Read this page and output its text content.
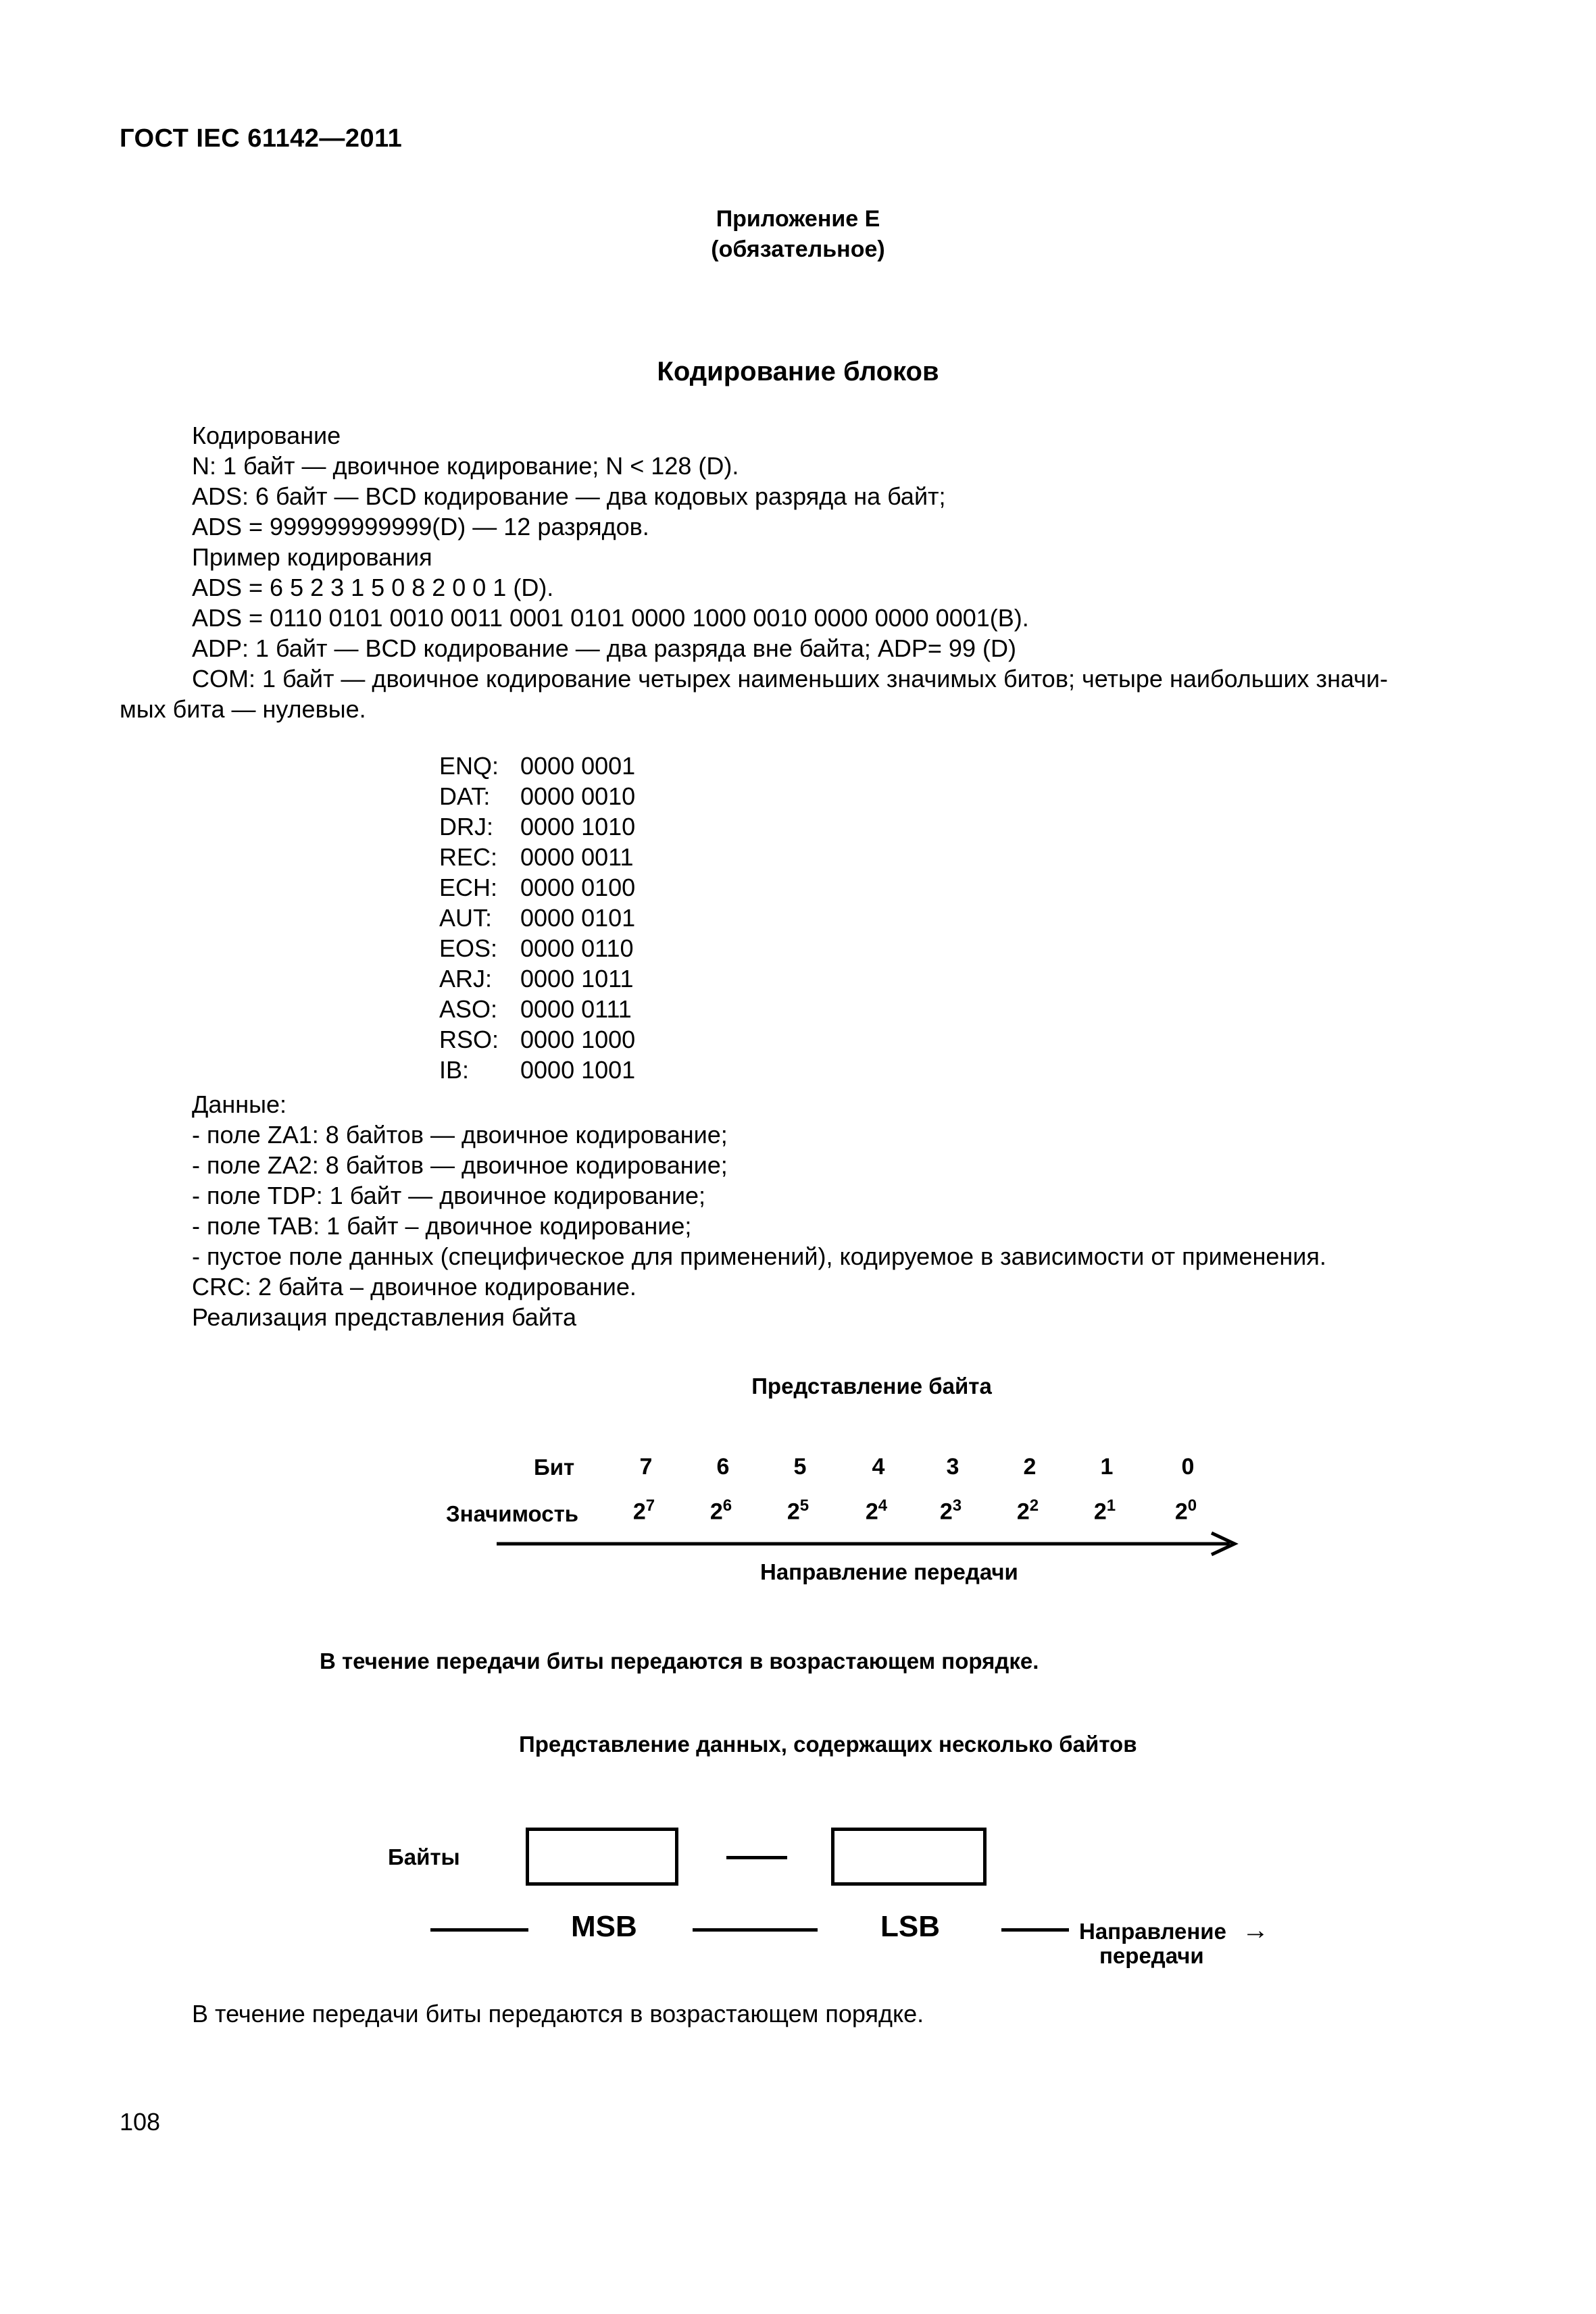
ГОСТ IEC 61142—2011
Приложение Е
(обязательное)
Кодирование блоков
Кодирование
N: 1 байт — двоичное кодирование; N < 128 (D).
ADS: 6 байт — BCD кодирование — два кодовых разряда на байт;
ADS = 999999999999(D) — 12 разрядов.
Пример кодирования
ADS = 6 5 2 3 1 5 0 8 2 0 0 1 (D).
ADS = 0110 0101 0010 0011 0001 0101 0000 1000 0010 0000 0000 0001(B).
ADP: 1 байт — BCD кодирование — два разряда вне байта; ADP= 99 (D)
COM: 1 байт — двоичное кодирование четырех наименьших значимых битов; четыре наибольших значи-
мых бита — нулевые.
ENQ: 0000 0001
DAT:	0000 0010
DRJ:	0000 1010
REC: 0000 0011
ECH: 0000 0100
AUT:	0000 0101
EOS: 0000 0110
ARJ:	0000 1011
ASO: 0000 0111
RSO: 0000 1000
IB:	0000 1001
Данные:
- поле ZA1: 8 байтов — двоичное кодирование;
- поле ZA2: 8 байтов — двоичное кодирование;
- поле TDP: 1 байт — двоичное кодирование;
- поле TAB: 1 байт – двоичное кодирование;
- пустое поле данных (специфическое для применений), кодируемое в зависимости от применения.
CRC: 2 байта – двоичное кодирование.
Реализация представления байта
Представление байта
Бит
Значимость
7	6	5	4	3	2	1	0
$2^7$	$2^6$	$2^5$	$2^4$	$2^3$	$2^2$	$2^1$	$2^0$
Направление передачи
В течение передачи биты передаются в возрастающем порядке.
Представление данных, содержащих несколько байтов
Байты
MSB	LSB	Направление →
передачи
В течение передачи биты передаются в возрастающем порядке.
108
